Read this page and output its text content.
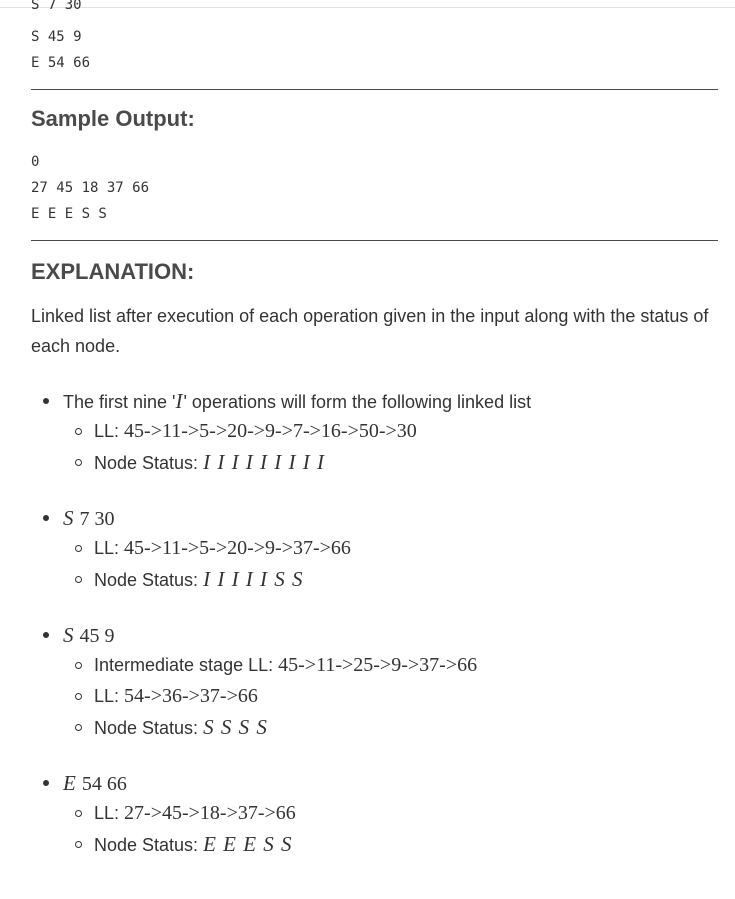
S 7 30
S 45 9
E 54 66
Sample Output:
0
27 45 18 37 66
E E E S S
EXPLANATION:

Linked list after execution of each operation given in the input along with the status of each node.

The first nine 'I' operations will form the following linked list
LL: 45->11->5->20->9->7->16->50->30
Node Status: I I I I I I I I I
S 7 30
LL: 45->11->5->20->9->37->66
Node Status: I I I I I S S
S 45 9
Intermediate stage LL: 45->11->25->9->37->66
LL: 54->36->37->66
Node Status: S S S S
E 54 66
LL: 27->45->18->37->66
Node Status: E E E S S
